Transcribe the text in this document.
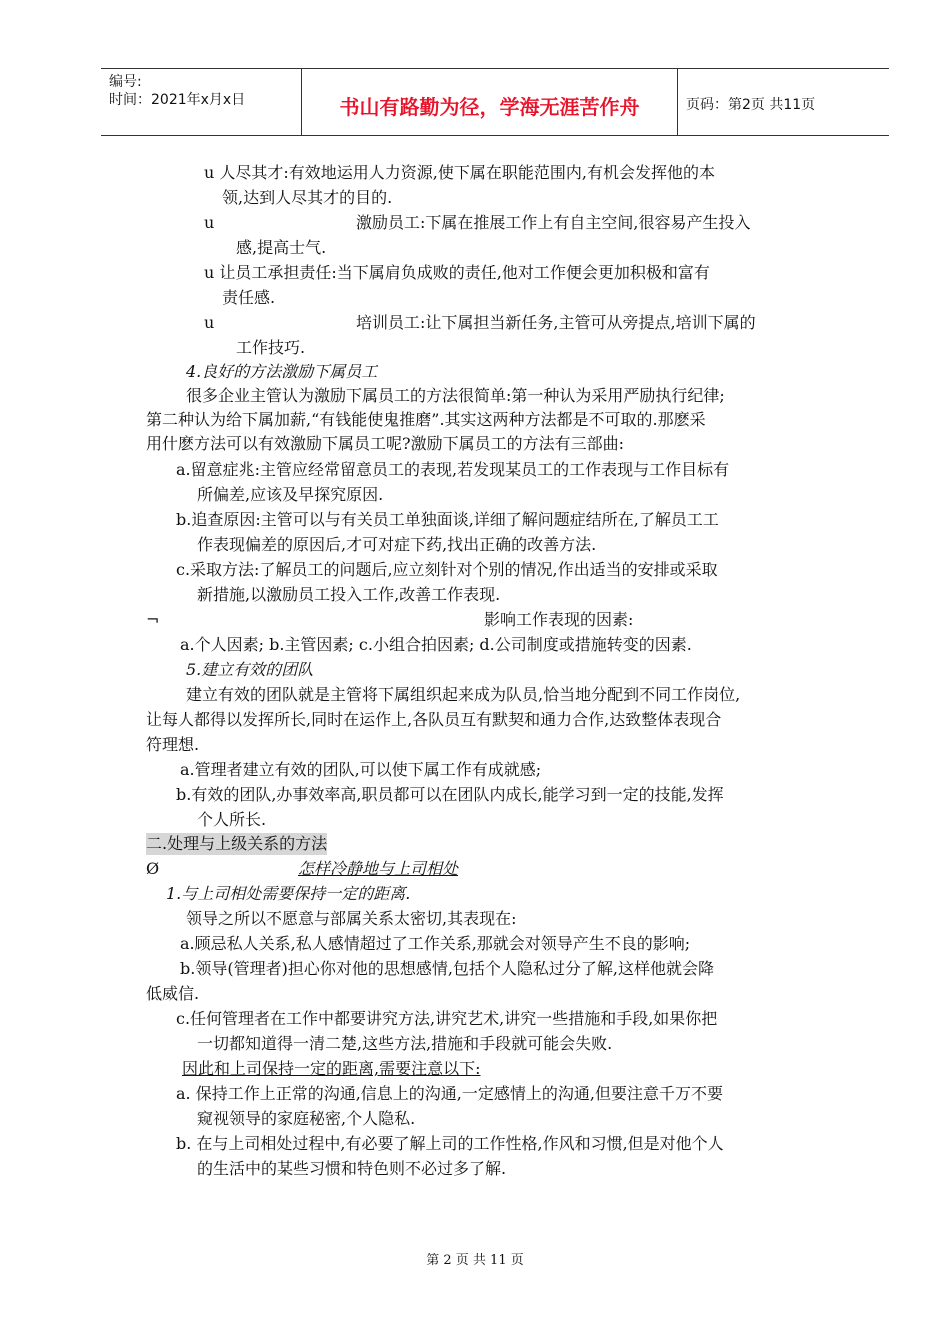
编号:
时间：2021年x月x日	书山有路勤为径，学海无涯苦作舟	页码：第2页 共11页
u 人尽其才:有效地运用人力资源,使下属在职能范围内,有机会发挥他的本
领,达到人尽其才的目的.
u	激励员工:下属在推展工作上有自主空间,很容易产生投入
感,提高士气.
u 让员工承担责任:当下属肩负成败的责任,他对工作便会更加积极和富有
责任感.
u	培训员工:让下属担当新任务,主管可从旁提点,培训下属的
工作技巧.
4.良好的方法激励下属员工
很多企业主管认为激励下属员工的方法很简单:第一种认为采用严励执行纪律;
第二种认为给下属加薪,“有钱能使鬼推磨”.其实这两种方法都是不可取的.那麽采
用什麽方法可以有效激励下属员工呢?激励下属员工的方法有三部曲:
a.留意症兆:主管应经常留意员工的表现,若发现某员工的工作表现与工作目标有
所偏差,应该及早探究原因.
b.追查原因:主管可以与有关员工单独面谈,详细了解问题症结所在,了解员工工
作表现偏差的原因后,才可对症下药,找出正确的改善方法.
c.采取方法:了解员工的问题后,应立刻针对个别的情况,作出适当的安排或采取
新措施,以激励员工投入工作,改善工作表现.
¬	影响工作表现的因素:
a.个人因素; b.主管因素; c.小组合拍因素; d.公司制度或措施转变的因素.
5.建立有效的团队
建立有效的团队就是主管将下属组织起来成为队员,恰当地分配到不同工作岗位,
让每人都得以发挥所长,同时在运作上,各队员互有默契和通力合作,达致整体表现合
符理想.
a.管理者建立有效的团队,可以使下属工作有成就感;
b.有效的团队,办事效率高,职员都可以在团队内成长,能学习到一定的技能,发挥
个人所长.
二.处理与上级关系的方法
Ø	怎样冷静地与上司相处
1.与上司相处需要保持一定的距离.
领导之所以不愿意与部属关系太密切,其表现在:
a.顾忌私人关系,私人感情超过了工作关系,那就会对领导产生不良的影响;
b.领导(管理者)担心你对他的思想感情,包括个人隐私过分了解,这样他就会降
低威信.
c.任何管理者在工作中都要讲究方法,讲究艺术,讲究一些措施和手段,如果你把
一切都知道得一清二楚,这些方法,措施和手段就可能会失败.
因此和上司保持一定的距离,需要注意以下:
a. 保持工作上正常的沟通,信息上的沟通,一定感情上的沟通,但要注意千万不要
窥视领导的家庭秘密,个人隐私.
b. 在与上司相处过程中,有必要了解上司的工作性格,作风和习惯,但是对他个人
的生活中的某些习惯和特色则不必过多了解.
第 2 页 共 11 页
